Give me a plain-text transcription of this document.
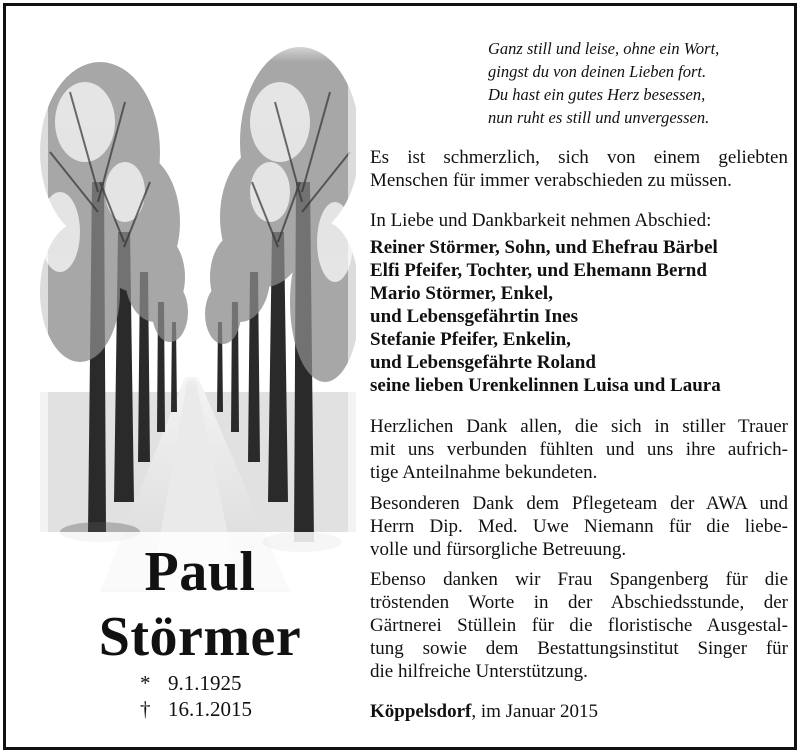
Paul
Störmer
* 9.1.1925
† 16.1.2015
Ganz still und leise, ohne ein Wort,
gingst du von deinen Lieben fort.
Du hast ein gutes Herz besessen,
nun ruht es still und unvergessen.
Es ist schmerzlich, sich von einem geliebten
Menschen für immer verabschieden zu müssen.
In Liebe und Dankbarkeit nehmen Abschied:
Reiner Störmer, Sohn, und Ehefrau Bärbel
Elfi Pfeifer, Tochter, und Ehemann Bernd
Mario Störmer, Enkel,
und Lebensgefährtin Ines
Stefanie Pfeifer, Enkelin,
und Lebensgefährte Roland
seine lieben Urenkelinnen Luisa und Laura
Herzlichen Dank allen, die sich in stiller Trauer
mit uns verbunden fühlten und uns ihre aufrich-
tige Anteilnahme bekundeten.
Besonderen Dank dem Pflegeteam der AWA und
Herrn Dip. Med. Uwe Niemann für die liebe-
volle und fürsorgliche Betreuung.
Ebenso danken wir Frau Spangenberg für die
tröstenden Worte in der Abschiedsstunde, der
Gärtnerei Stüllein für die floristische Ausgestal-
tung sowie dem Bestattungsinstitut Singer für
die hilfreiche Unterstützung.
Köppelsdorf, im Januar 2015
